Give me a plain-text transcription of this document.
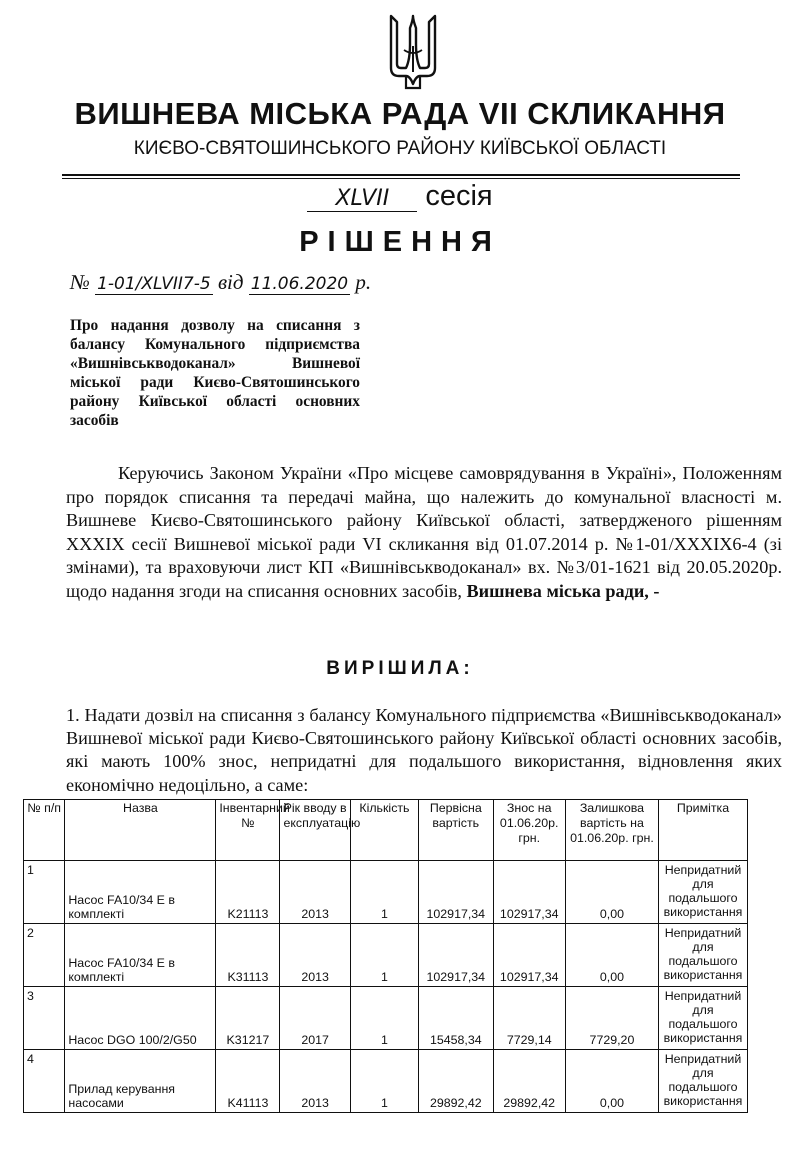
ВИШНЕВА МІСЬКА РАДА VII СКЛИКАННЯ

КИЄВО-СВЯТОШИНСЬКОГО РАЙОНУ КИЇВСЬКОЇ ОБЛАСТІ

XLVII сесія
РІШЕННЯ
№ 1-01/XLVII7-5 від 11.06.2020 р.
Про надання дозволу на списання з балансу Комунального підприємства «Вишнівськводоканал» Вишневої міської ради Києво-Святошинського району Київської області основних засобів

Керуючись Законом України «Про місцеве самоврядування в Україні», Положенням про порядок списання та передачі майна, що належить до комунальної власності м. Вишневе Києво-Святошинського району Київської області, затвердженого рішенням XXXIX сесії Вишневої міської ради VI скликання від 01.07.2014 р. №1-01/XXXIX6-4 (зі змінами), та враховуючи лист КП «Вишнівськводоканал» вх. №3/01-1621 від 20.05.2020р. щодо надання згоди на списання основних засобів, Вишнева міська ради, -

ВИРІШИЛА:

1. Надати дозвіл на списання з балансу Комунального підприємства «Вишнівськводоканал» Вишневої міської ради Києво-Святошинського району Київської області основних засобів, які мають 100% знос, непридатні для подальшого використання, відновлення яких економічно недоцільно, а саме:

№ п/п	Назва	Інвентарний №	Рік вводу в експлуатацію	Кількість	Первісна вартість	Знос на 01.06.20р. грн.	Залишкова вартість на 01.06.20р. грн.	Примітка
1	Насос FA10/34 E в комплекті	K21113	2013	1	102917,34	102917,34	0,00	Непридатний для подальшого використання
2	Насос FA10/34 E в комплекті	K31113	2013	1	102917,34	102917,34	0,00	Непридатний для подальшого використання
3	Насос DGO 100/2/G50	K31217	2017	1	15458,34	7729,14	7729,20	Непридатний для подальшого використання
4	Прилад керування насосами	K41113	2013	1	29892,42	29892,42	0,00	Непридатний для подальшого використання
